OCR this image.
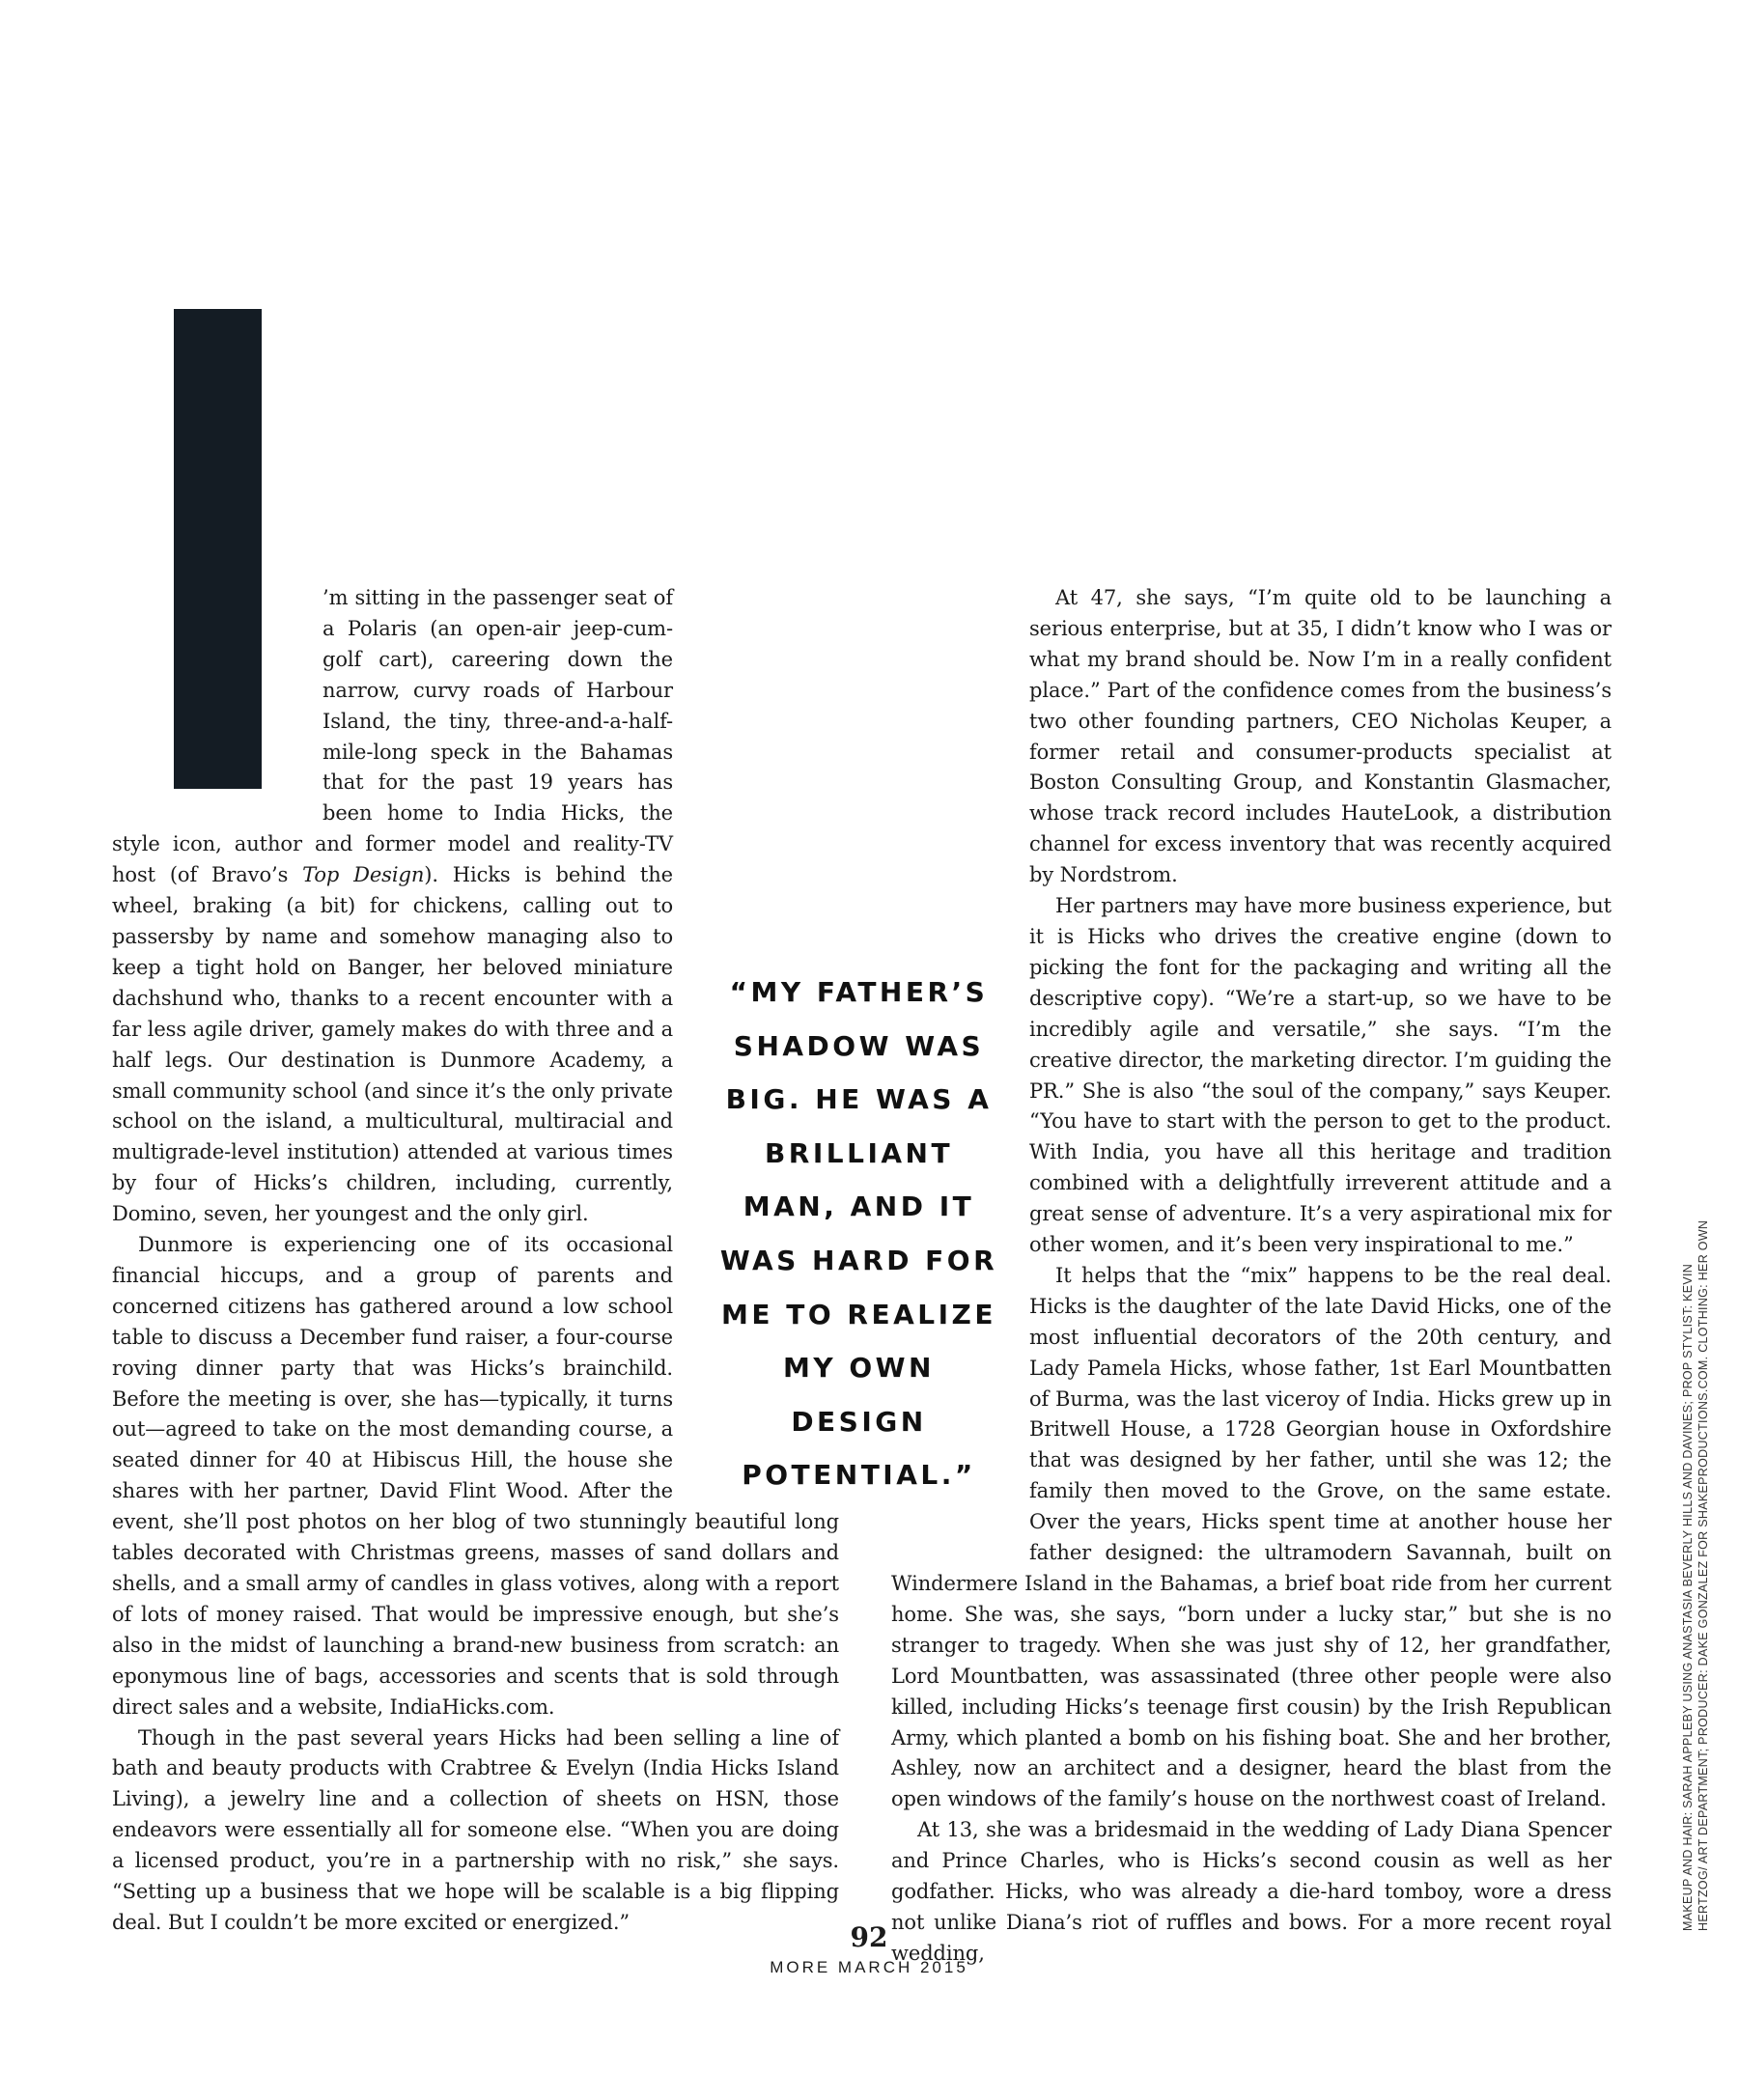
’m sitting in the passenger seat of a Polaris (an open-air jeep-cum-golf cart), careering down the narrow, curvy roads of Harbour Island, the tiny, three-and-a-half-mile-long speck in the Bahamas that for the past 19 years has been home to India Hicks, the style icon, author and former model and reality-TV host (of Bravo’s Top Design). Hicks is behind the wheel, braking (a bit) for chickens, calling out to passersby by name and somehow managing also to keep a tight hold on Banger, her beloved miniature dachshund who, thanks to a recent encounter with a far less agile driver, gamely makes do with three and a half legs. Our destination is Dunmore Academy, a small community school (and since it’s the only private school on the island, a multicultural, multiracial and multigrade-level institution) attended at various times by four of Hicks’s children, including, currently, Domino, seven, her youngest and the only girl.

Dunmore is experiencing one of its occasional financial hiccups, and a group of parents and concerned citizens has gathered around a low school table to discuss a December fund raiser, a four-course roving dinner party that was Hicks’s brainchild. Before the meeting is over, she has—typically, it turns out—agreed to take on the most demanding course, a seated dinner for 40 at Hibiscus Hill, the house she shares with her partner, David Flint Wood. After the event, she’ll post photos on her blog of two stunningly beautiful long tables decorated with Christmas greens, masses of sand dollars and shells, and a small army of candles in glass votives, along with a report of lots of money raised. That would be impressive enough, but she’s also in the midst of launching a brand-new business from scratch: an eponymous line of bags, accessories and scents that is sold through direct sales and a website, IndiaHicks.com.

Though in the past several years Hicks had been selling a line of bath and beauty products with Crabtree & Evelyn (India Hicks Island Living), a jewelry line and a collection of sheets on HSN, those endeavors were essentially all for someone else. “When you are doing a licensed product, you’re in a partnership with no risk,” she says. “Setting up a business that we hope will be scalable is a big flipping deal. But I couldn’t be more excited or energized.”

At 47, she says, “I’m quite old to be launching a serious enterprise, but at 35, I didn’t know who I was or what my brand should be. Now I’m in a really confident place.” Part of the confidence comes from the business’s two other founding partners, CEO Nicholas Keuper, a former retail and consumer-products specialist at Boston Consulting Group, and Konstantin Glasmacher, whose track record includes HauteLook, a distribution channel for excess inventory that was recently acquired by Nordstrom.

Her partners may have more business experience, but it is Hicks who drives the creative engine (down to picking the font for the packaging and writing all the descriptive copy). “We’re a start-up, so we have to be incredibly agile and versatile,” she says. “I’m the creative director, the marketing director. I’m guiding the PR.” She is also “the soul of the company,” says Keuper. “You have to start with the person to get to the product. With India, you have all this heritage and tradition combined with a delightfully irreverent attitude and a great sense of adventure. It’s a very aspirational mix for other women, and it’s been very inspirational to me.”

It helps that the “mix” happens to be the real deal. Hicks is the daughter of the late David Hicks, one of the most influential decorators of the 20th century, and Lady Pamela Hicks, whose father, 1st Earl Mountbatten of Burma, was the last viceroy of India. Hicks grew up in Britwell House, a 1728 Georgian house in Oxfordshire that was designed by her father, until she was 12; the family then moved to the Grove, on the same estate. Over the years, Hicks spent time at another house her father designed: the ultramodern Savannah, built on Windermere Island in the Bahamas, a brief boat ride from her current home. She was, she says, “born under a lucky star,” but she is no stranger to tragedy. When she was just shy of 12, her grandfather, Lord Mountbatten, was assassinated (three other people were also killed, including Hicks’s teenage first cousin) by the Irish Republican Army, which planted a bomb on his fishing boat. She and her brother, Ashley, now an architect and a designer, heard the blast from the open windows of the family’s house on the northwest coast of Ireland.

At 13, she was a bridesmaid in the wedding of Lady Diana Spencer and Prince Charles, who is Hicks’s second cousin as well as her godfather. Hicks, who was already a die-hard tomboy, wore a dress not unlike Diana’s riot of ruffles and bows. For a more recent royal wedding,

“MY FATHER’S SHADOW WAS BIG. HE WAS A BRILLIANT MAN, AND IT WAS HARD FOR ME TO REALIZE MY OWN DESIGN POTENTIAL.”	MAKEUP AND HAIR: SARAH APPLEBY USING ANASTASIA BEVERLY HILLS AND DAVINES; PROP STYLIST: KEVIN HERTZOG/ ART DEPARTMENT; PRODUCER: DAKE GONZALEZ FOR SHAKEPRODUCTIONS.COM. CLOTHING: HER OWN
92
MORE MARCH 2015
